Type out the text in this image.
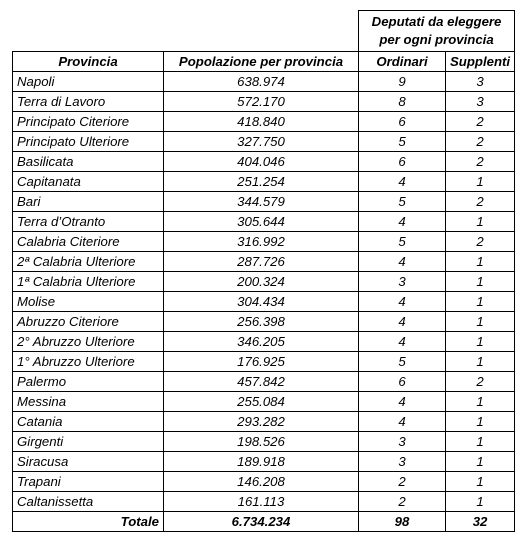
		Deputati da eleggere
per ogni provincia	

Provincia	Popolazione per provincia	Ordinari	Supplenti
Napoli	638.974	9	3
Terra di Lavoro	572.170	8	3
Principato Citeriore	418.840	6	2
Principato Ulteriore	327.750	5	2
Basilicata	404.046	6	2
Capitanata	251.254	4	1
Bari	344.579	5	2
Terra d’Otranto	305.644	4	1
Calabria Citeriore	316.992	5	2
2ª Calabria Ulteriore	287.726	4	1
1ª Calabria Ulteriore	200.324	3	1
Molise	304.434	4	1
Abruzzo Citeriore	256.398	4	1
2° Abruzzo Ulteriore	346.205	4	1
1° Abruzzo Ulteriore	176.925	5	1
Palermo	457.842	6	2
Messina	255.084	4	1
Catania	293.282	4	1
Girgenti	198.526	3	1
Siracusa	189.918	3	1
Trapani	146.208	2	1
Caltanissetta	161.113	2	1
Totale	6.734.234	98	32
